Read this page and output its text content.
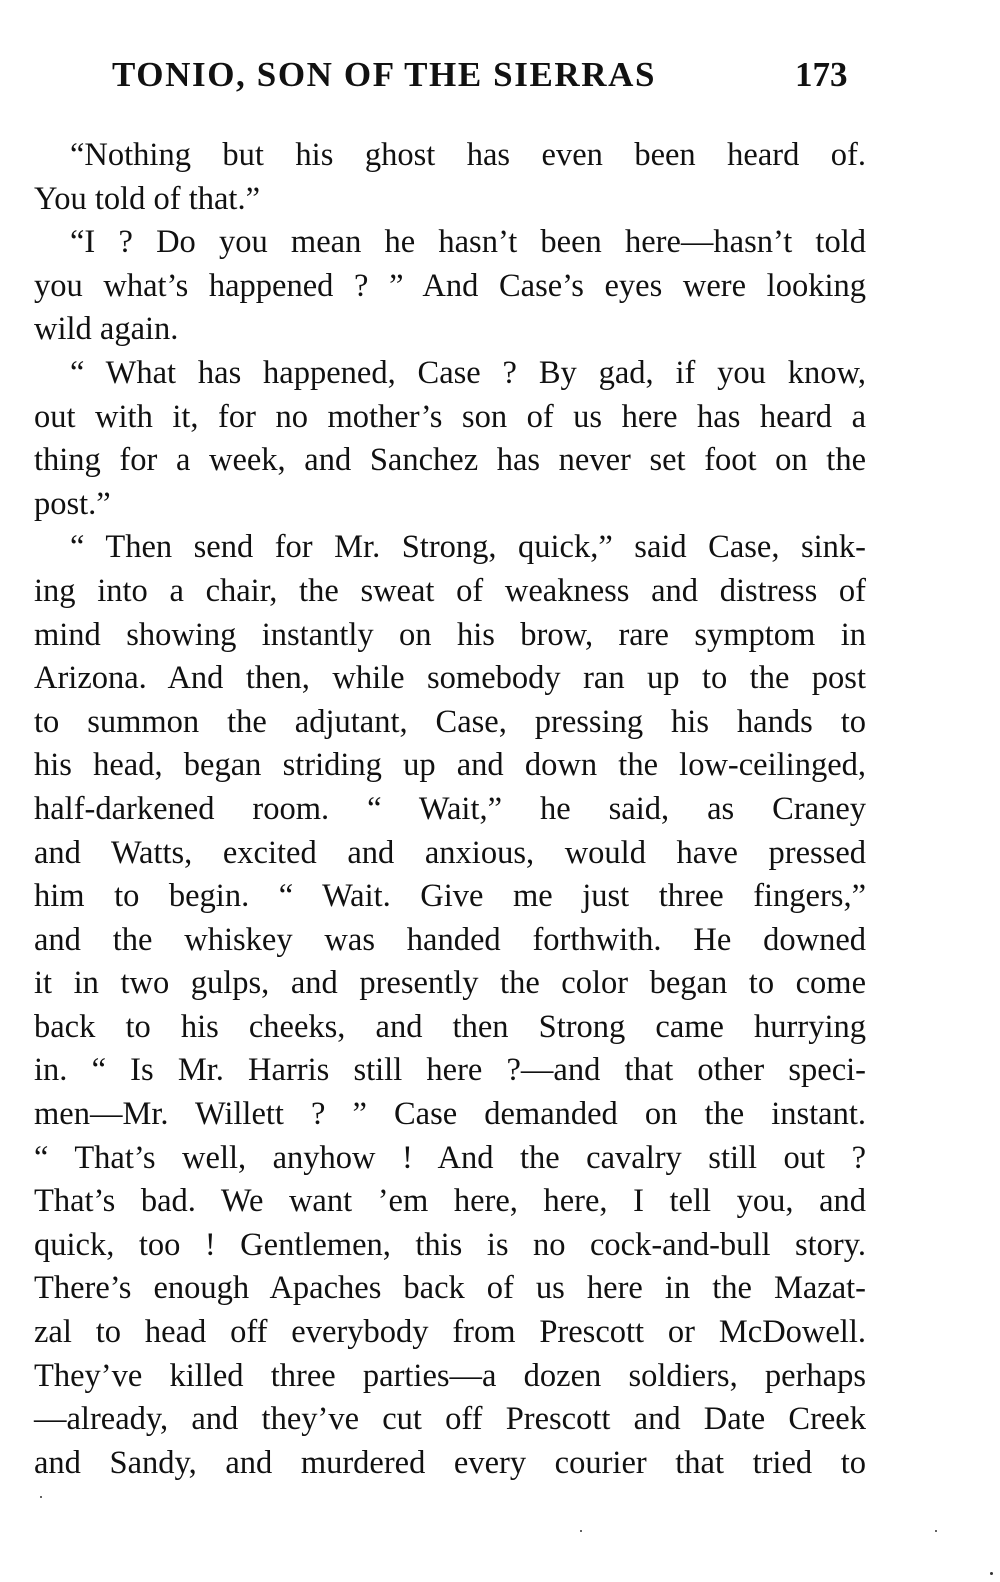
TONIO, SON OF THE SIERRAS	173
“Nothing but his ghost has even been heard of.
You told of that.”
“I ? Do you mean he hasn’t been here—hasn’t told
you what’s happened ? ” And Case’s eyes were looking
wild again.
“ What has happened, Case ? By gad, if you know,
out with it, for no mother’s son of us here has heard a
thing for a week, and Sanchez has never set foot on the
post.”
“ Then send for Mr. Strong, quick,” said Case, sink-
ing into a chair, the sweat of weakness and distress of
mind showing instantly on his brow, rare symptom in
Arizona. And then, while somebody ran up to the post
to summon the adjutant, Case, pressing his hands to
his head, began striding up and down the low-ceilinged,
half-darkened room. “ Wait,” he said, as Craney
and Watts, excited and anxious, would have pressed
him to begin. “ Wait. Give me just three fingers,”
and the whiskey was handed forthwith. He downed
it in two gulps, and presently the color began to come
back to his cheeks, and then Strong came hurrying
in. “ Is Mr. Harris still here ?—and that other speci-
men—Mr. Willett ? ” Case demanded on the instant.
“ That’s well, anyhow ! And the cavalry still out ?
That’s bad. We want ’em here, here, I tell you, and
quick, too ! Gentlemen, this is no cock-and-bull story.
There’s enough Apaches back of us here in the Mazat-
zal to head off everybody from Prescott or McDowell.
They’ve killed three parties—a dozen soldiers, perhaps
—already, and they’ve cut off Prescott and Date Creek
and Sandy, and murdered every courier that tried to
